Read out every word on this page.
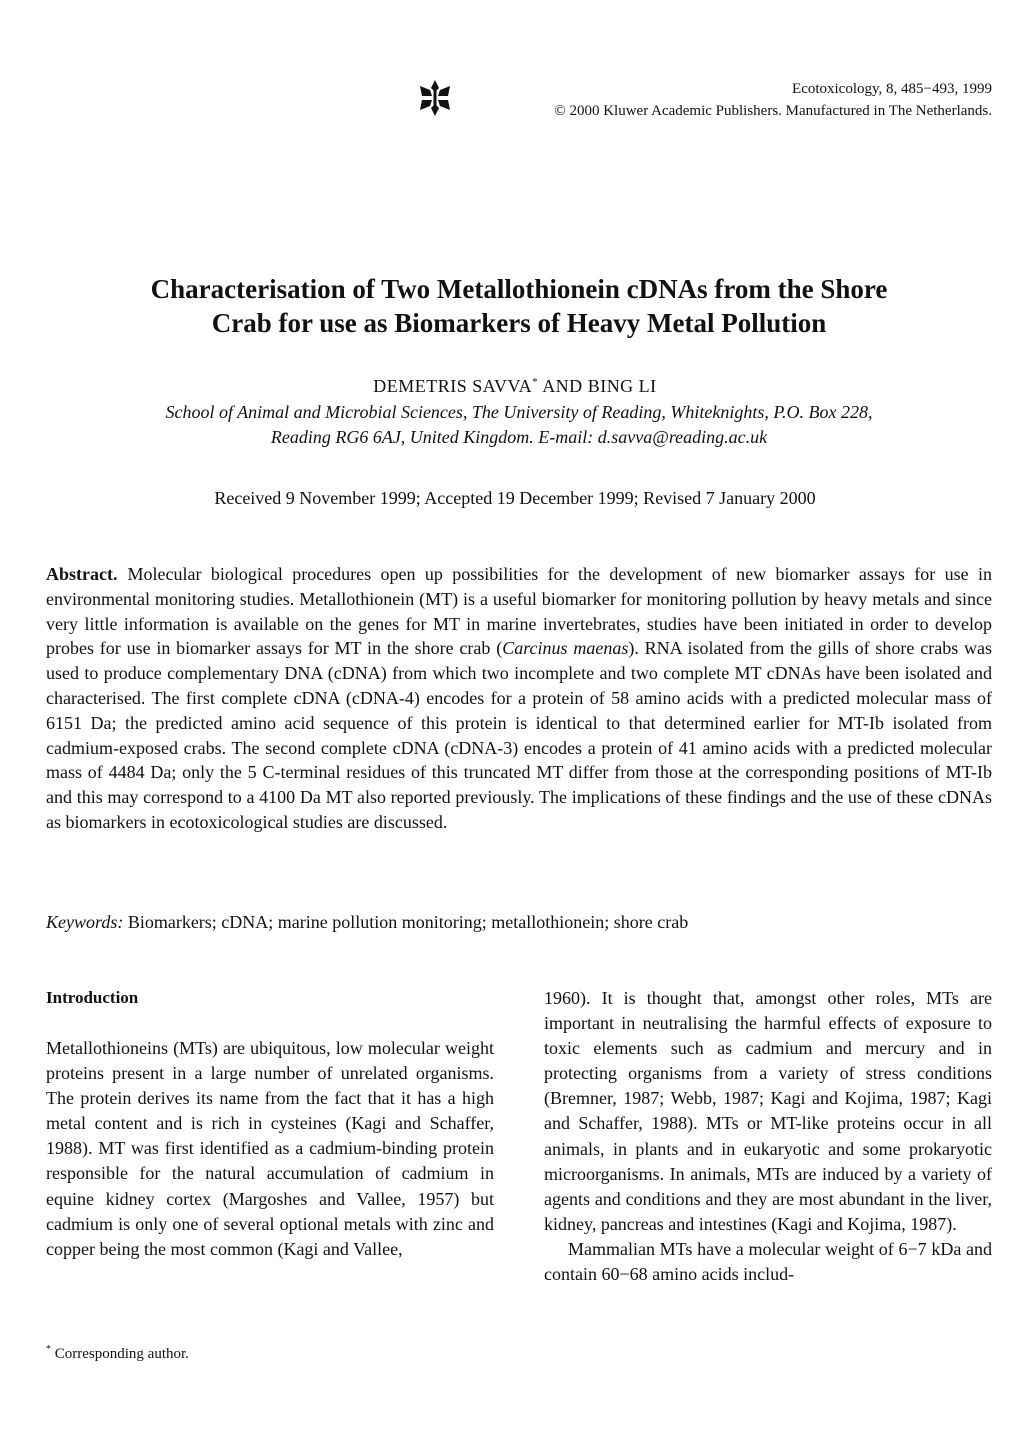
Ecotoxicology, 8, 485−493, 1999
© 2000 Kluwer Academic Publishers. Manufactured in The Netherlands.
Characterisation of Two Metallothionein cDNAs from the Shore
Crab for use as Biomarkers of Heavy Metal Pollution
DEMETRIS SAVVA* AND BING LI
School of Animal and Microbial Sciences, The University of Reading, Whiteknights, P.O. Box 228,
Reading RG6 6AJ, United Kingdom. E-mail: d.savva@reading.ac.uk
Received 9 November 1999; Accepted 19 December 1999; Revised 7 January 2000
Abstract. Molecular biological procedures open up possibilities for the development of new biomarker assays for use in environmental monitoring studies. Metallothionein (MT) is a useful biomarker for monitoring pollution by heavy metals and since very little information is available on the genes for MT in marine invertebrates, studies have been initiated in order to develop probes for use in biomarker assays for MT in the shore crab (Carcinus maenas). RNA isolated from the gills of shore crabs was used to produce complementary DNA (cDNA) from which two incomplete and two complete MT cDNAs have been isolated and characterised. The first complete cDNA (cDNA-4) encodes for a protein of 58 amino acids with a predicted molecular mass of 6151 Da; the predicted amino acid sequence of this protein is identical to that determined earlier for MT-Ib isolated from cadmium-exposed crabs. The second complete cDNA (cDNA-3) encodes a protein of 41 amino acids with a predicted molecular mass of 4484 Da; only the 5 C-terminal residues of this truncated MT differ from those at the corresponding positions of MT-Ib and this may correspond to a 4100 Da MT also reported previously. The implications of these findings and the use of these cDNAs as biomarkers in ecotoxicological studies are discussed.
Keywords: Biomarkers; cDNA; marine pollution monitoring; metallothionein; shore crab
Introduction

Metallothioneins (MTs) are ubiquitous, low molecular weight proteins present in a large number of unrelated organisms. The protein derives its name from the fact that it has a high metal content and is rich in cysteines (Kagi and Schaffer, 1988). MT was first identified as a cadmium-binding protein responsible for the natural accumulation of cadmium in equine kidney cortex (Margoshes and Vallee, 1957) but cadmium is only one of several optional metals with zinc and copper being the most common (Kagi and Vallee,

1960). It is thought that, amongst other roles, MTs are important in neutralising the harmful effects of exposure to toxic elements such as cadmium and mercury and in protecting organisms from a variety of stress conditions (Bremner, 1987; Webb, 1987; Kagi and Kojima, 1987; Kagi and Schaffer, 1988). MTs or MT-like proteins occur in all animals, in plants and in eukaryotic and some prokaryotic microorganisms. In animals, MTs are induced by a variety of agents and conditions and they are most abundant in the liver, kidney, pancreas and intestines (Kagi and Kojima, 1987).

Mammalian MTs have a molecular weight of 6−7 kDa and contain 60−68 amino acids includ-

* Corresponding author.
